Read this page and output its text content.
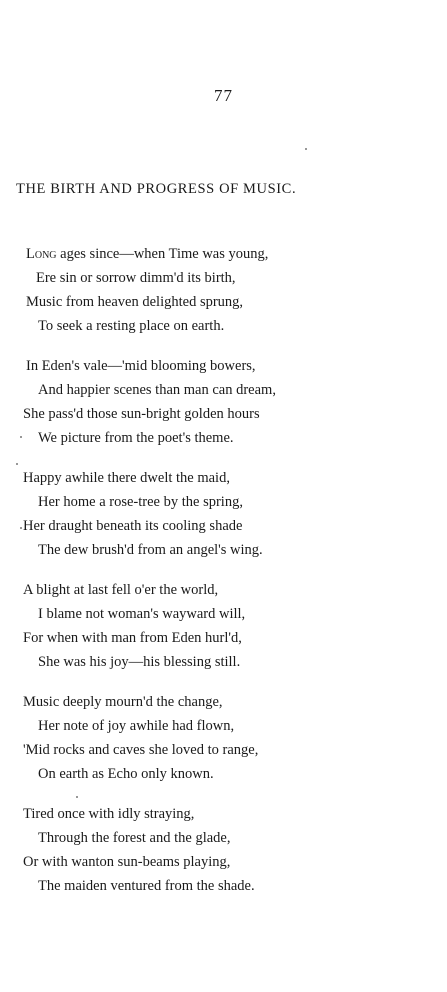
77
THE BIRTH AND PROGRESS OF MUSIC.
Long ages since—when Time was young,
Ere sin or sorrow dimm'd its birth,
Music from heaven delighted sprung,
To seek a resting place on earth.
In Eden's vale—'mid blooming bowers,
And happier scenes than man can dream,
She pass'd those sun-bright golden hours
We picture from the poet's theme.
Happy awhile there dwelt the maid,
Her home a rose-tree by the spring,
Her draught beneath its cooling shade
The dew brush'd from an angel's wing.
A blight at last fell o'er the world,
I blame not woman's wayward will,
For when with man from Eden hurl'd,
She was his joy—his blessing still.
Music deeply mourn'd the change,
Her note of joy awhile had flown,
'Mid rocks and caves she loved to range,
On earth as Echo only known.
Tired once with idly straying,
Through the forest and the glade,
Or with wanton sun-beams playing,
The maiden ventured from the shade.
